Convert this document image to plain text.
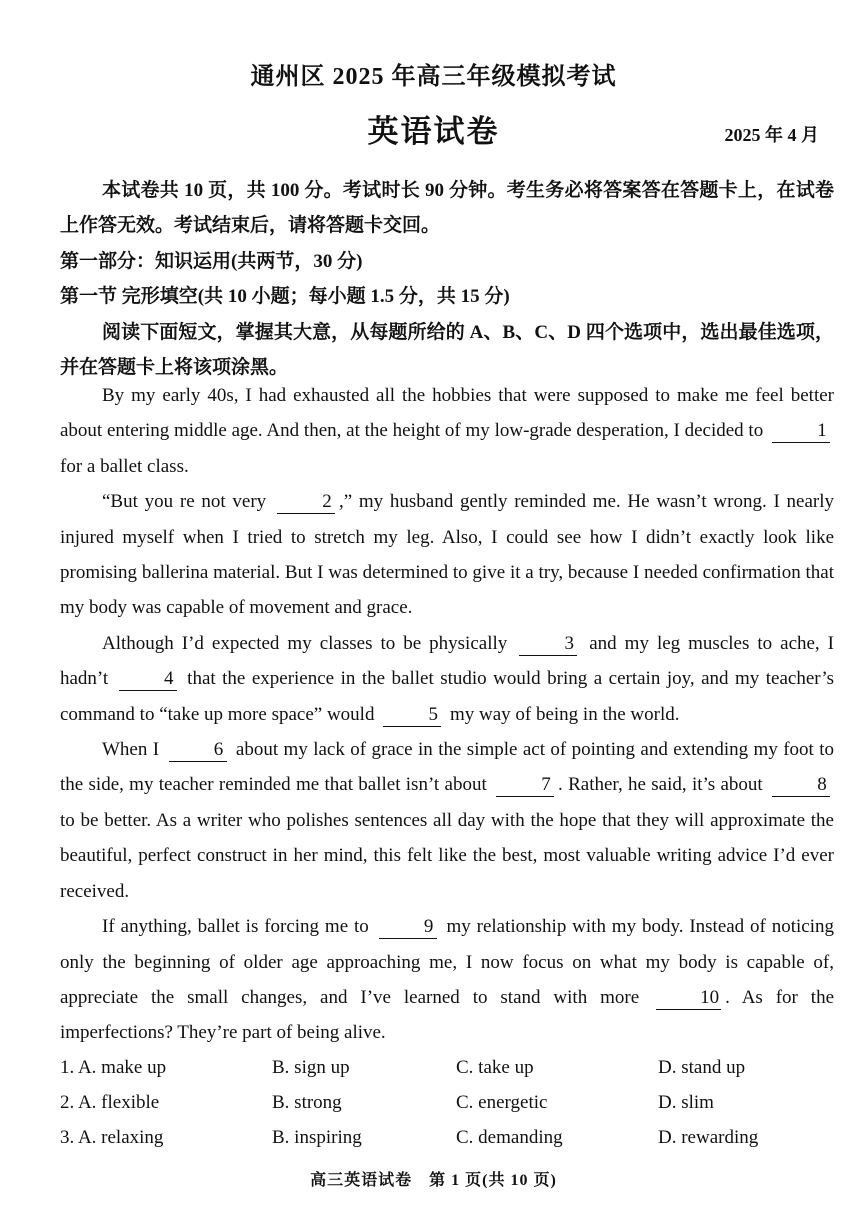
通州区 2025 年高三年级模拟考试
英语试卷	2025 年 4 月

本试卷共 10 页，共 100 分。考试时长 90 分钟。考生务必将答案答在答题卡上，在试卷上作答无效。考试结束后，请将答题卡交回。

第一部分：知识运用(共两节，30 分)

第一节 完形填空(共 10 小题；每小题 1.5 分，共 15 分)

阅读下面短文，掌握其大意，从每题所给的 A、B、C、D 四个选项中，选出最佳选项，并在答题卡上将该项涂黑。

By my early 40s, I had exhausted all the hobbies that were supposed to make me feel better about entering middle age. And then, at the height of my low-grade desperation, I decided to	1 for a ballet class.

“But you re not very	2 ,” my husband gently reminded me. He wasn’t wrong. I nearly injured myself when I tried to stretch my leg. Also, I could see how I didn’t exactly look like promising ballerina material. But I was determined to give it a try, because I needed confirmation that my body was capable of movement and grace.

Although I’d expected my classes to be physically	3 and my leg muscles to ache, I hadn’t	4 that the experience in the ballet studio would bring a certain joy, and my teacher’s command to “take up more space” would	5 my way of being in the world.

When I	6 about my lack of grace in the simple act of pointing and extending my foot to the side, my teacher reminded me that ballet isn’t about	7 . Rather, he said, it’s about	8 to be better. As a writer who polishes sentences all day with the hope that they will approximate the beautiful, perfect construct in her mind, this felt like the best, most valuable writing advice I’d ever received.

If anything, ballet is forcing me to	9 my relationship with my body. Instead of noticing only the beginning of older age approaching me, I now focus on what my body is capable of, appreciate the small changes, and I’ve learned to stand with more	10 . As for the imperfections? They’re part of being alive.

1. A. make up	B. sign up	C. take up	D. stand up
2. A. flexible	B. strong	C. energetic	D. slim
3. A. relaxing	B. inspiring	C. demanding	D. rewarding
高三英语试卷　第 1 页(共 10 页)
